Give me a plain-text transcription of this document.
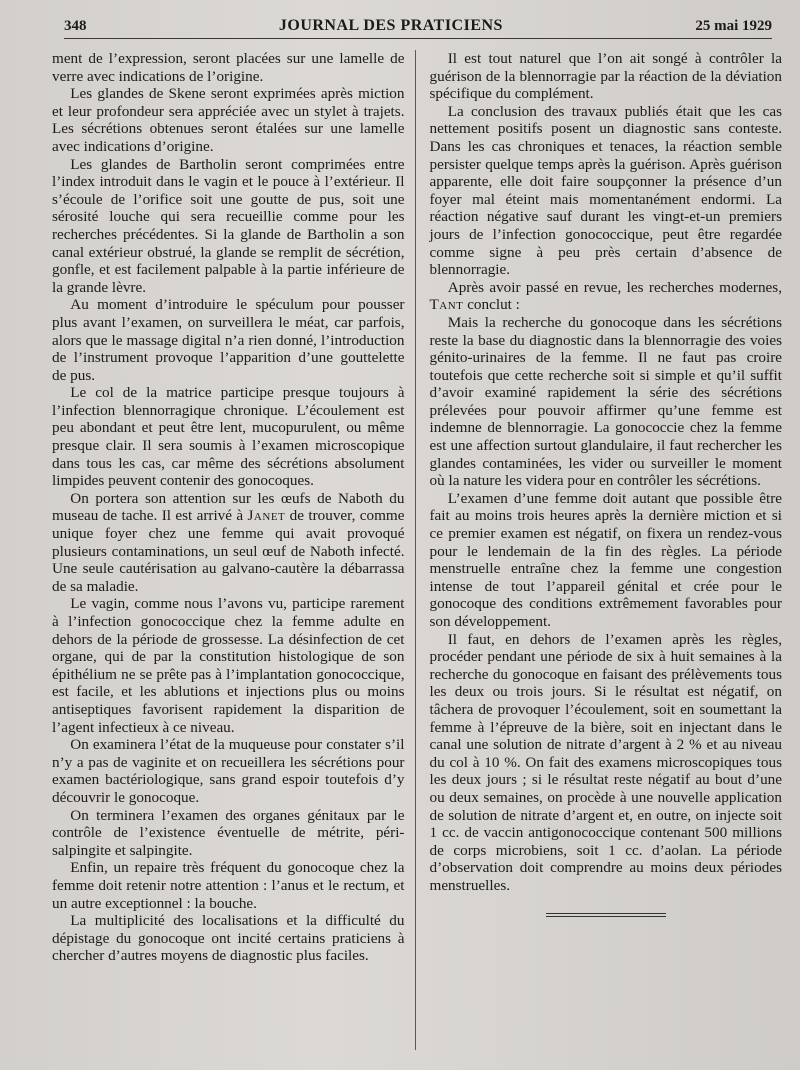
348	JOURNAL DES PRATICIENS	25 mai 1929

ment de l’expression, seront placées sur une lamelle de verre avec indications de l’origine.

Les glandes de Skene seront exprimées après miction et leur profondeur sera appréciée avec un stylet à trajets. Les sécrétions obtenues seront étalées sur une lamelle avec indications d’origine.

Les glandes de Bartholin seront comprimées entre l’index introduit dans le vagin et le pouce à l’extérieur. Il s’écoule de l’orifice soit une goutte de pus, soit une sérosité louche qui sera recueillie comme pour les recherches précédentes. Si la glande de Bartholin a son canal extérieur obstrué, la glande se remplit de sécrétion, gonfle, et est facilement palpable à la partie inférieure de la grande lèvre.

Au moment d’introduire le spéculum pour pousser plus avant l’examen, on surveillera le méat, car parfois, alors que le massage digital n’a rien donné, l’introduction de l’instrument provoque l’apparition d’une gouttelette de pus.

Le col de la matrice participe presque toujours à l’infection blennorragique chronique. L’écoulement est peu abondant et peut être lent, mucopurulent, ou même presque clair. Il sera soumis à l’examen microscopique dans tous les cas, car même des sécrétions absolument limpides peuvent contenir des gonocoques.

On portera son attention sur les œufs de Naboth du museau de tache. Il est arrivé à Janet de trouver, comme unique foyer chez une femme qui avait provoqué plusieurs contaminations, un seul œuf de Naboth infecté. Une seule cautérisation au galvano-cautère la débarrassa de sa maladie.

Le vagin, comme nous l’avons vu, participe rarement à l’infection gonococcique chez la femme adulte en dehors de la période de grossesse. La désinfection de cet organe, qui de par la constitution histologique de son épithélium ne se prête pas à l’implantation gonococcique, est facile, et les ablutions et injections plus ou moins antiseptiques favorisent rapidement la disparition de l’agent infectieux à ce niveau.

On examinera l’état de la muqueuse pour constater s’il n’y a pas de vaginite et on recueillera les sécrétions pour examen bactériologique, sans grand espoir toutefois d’y découvrir le gonocoque.

On terminera l’examen des organes génitaux par le contrôle de l’existence éventuelle de métrite, péri-salpingite et salpingite.

Enfin, un repaire très fréquent du gonocoque chez la femme doit retenir notre attention : l’anus et le rectum, et un autre exceptionnel : la bouche.

La multiplicité des localisations et la difficulté du dépistage du gonocoque ont incité certains praticiens à chercher d’autres moyens de diagnostic plus faciles.

Il est tout naturel que l’on ait songé à contrôler la guérison de la blennorragie par la réaction de la déviation spécifique du complément.

La conclusion des travaux publiés était que les cas nettement positifs posent un diagnostic sans conteste. Dans les cas chroniques et tenaces, la réaction semble persister quelque temps après la guérison. Après guérison apparente, elle doit faire soupçonner la présence d’un foyer mal éteint mais momentanément endormi. La réaction négative sauf durant les vingt-et-un premiers jours de l’infection gonococcique, peut être regardée comme signe à peu près certain d’absence de blennorragie.

Après avoir passé en revue, les recherches modernes, Tant conclut :

Mais la recherche du gonocoque dans les sécrétions reste la base du diagnostic dans la blennorragie des voies génito-urinaires de la femme. Il ne faut pas croire toutefois que cette recherche soit si simple et qu’il suffit d’avoir examiné rapidement la série des sécrétions prélevées pour pouvoir affirmer qu’une femme est indemne de blennorragie. La gonococcie chez la femme est une affection surtout glandulaire, il faut rechercher les glandes contaminées, les vider ou surveiller le moment où la nature les videra pour en contrôler les sécrétions.

L’examen d’une femme doit autant que possible être fait au moins trois heures après la dernière miction et si ce premier examen est négatif, on fixera un rendez-vous pour le lendemain de la fin des règles. La période menstruelle entraîne chez la femme une congestion intense de tout l’appareil génital et crée pour le gonocoque des conditions extrêmement favorables pour son développement.

Il faut, en dehors de l’examen après les règles, procéder pendant une période de six à huit semaines à la recherche du gonocoque en faisant des prélèvements tous les deux ou trois jours. Si le résultat est négatif, on tâchera de provoquer l’écoulement, soit en soumettant la femme à l’épreuve de la bière, soit en injectant dans le canal une solution de nitrate d’argent à 2 % et au niveau du col à 10 %. On fait des examens microscopiques tous les deux jours ; si le résultat reste négatif au bout d’une ou deux semaines, on procède à une nouvelle application de solution de nitrate d’argent et, en outre, on injecte soit 1 cc. de vaccin antigonococcique contenant 500 millions de corps microbiens, soit 1 cc. d’aolan. La période d’observation doit comprendre au moins deux périodes menstruelles.
